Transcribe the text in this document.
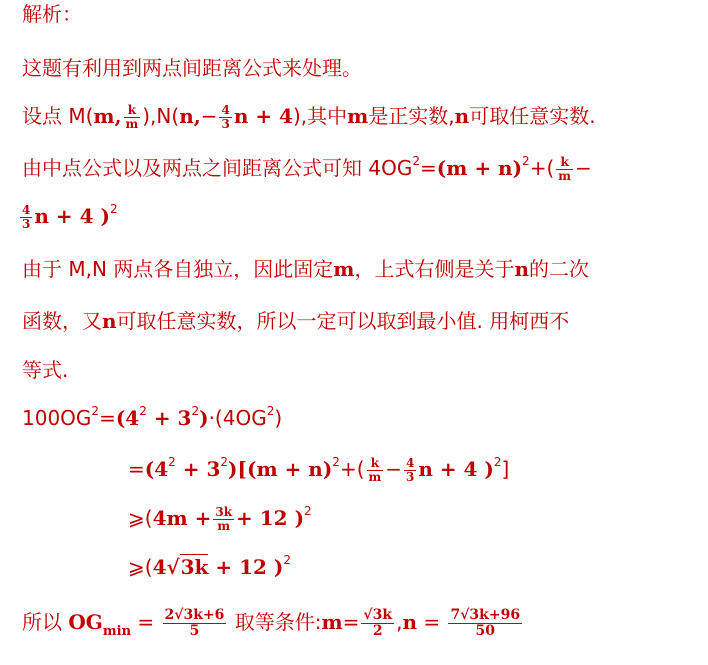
解析：
这题有利用到两点间距离公式来处理。
设点 M(m, $\frac{k}{m} ),N(n,- \frac{4}{3}$ n + 4),其中m是正实数,n可取任意实数.
由中点公式以及两点之间距离公式可知 $4OG^2=(m + n)^2+( \frac{k}{m}$ −
$\frac{4}{3}$ n + 4 )$^2$
由于 M,N 两点各自独立，因此固定m，上式右侧是关于n的二次
函数，又n可取任意实数，所以一定可以取到最小值. 用柯西不
等式.
$100OG^2=(4^2 + 3^2)\cdot(4OG^2)$
$=(4^2 + 3^2)[(m + n)^2+( \frac{k}{m} - \frac{4}{3}$ n + 4 )$^2$]
⩾(4m + $\frac{3k}{m} + 12$ )$^2$
⩾(4√3k + 12 )$^2$
所以 $OG_{min} = \frac{2√3k+6}{5}$ 取等条件:m= $\frac{√3k}{2} ,n = \frac{7√3k+96}{50}$
